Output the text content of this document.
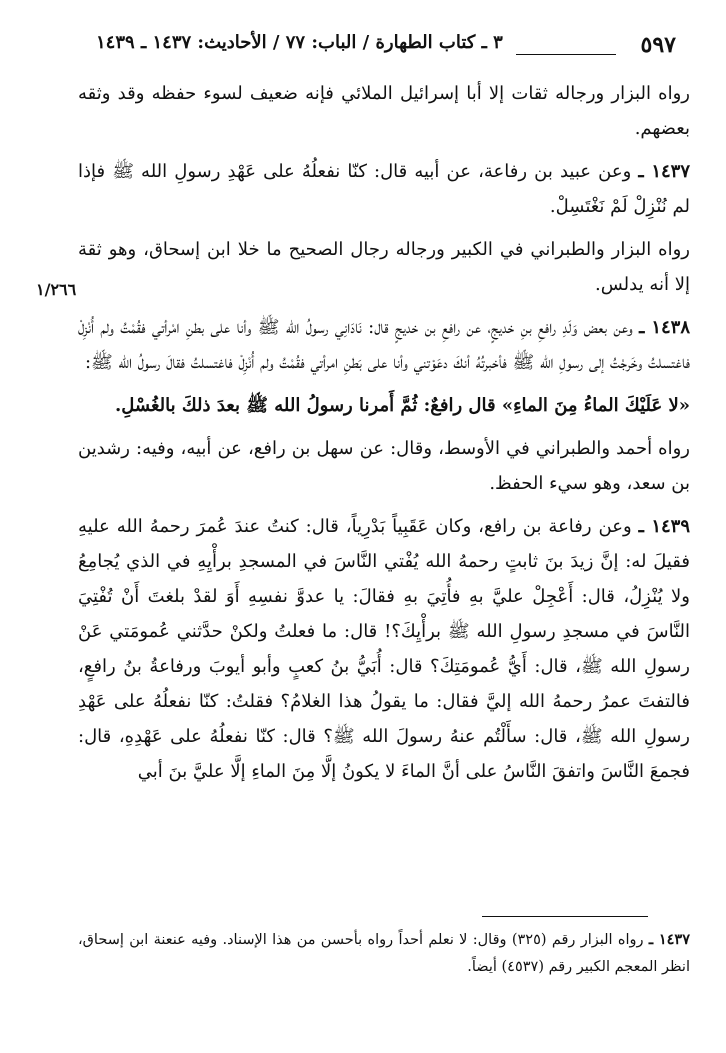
٥٩٧
٣ ـ كتاب الطهارة / الباب: ٧٧ / الأحاديث: ١٤٣٧ ـ ١٤٣٩
١/٢٦٦

رواه البزار ورجاله ثقات إلا أبا إسرائيل الملائي فإنه ضعيف لسوء حفظه وقد وثقه بعضهم.

١٤٣٧ ـ وعن عبيد بن رفاعة، عن أبيه قال: كنّا نفعلُهُ على عَهْدِ رسولِ الله ﷺ فإذا لم نُنْزِلْ لَمْ نَغْتَسِلْ.

رواه البزار والطبراني في الكبير ورجاله رجال الصحيح ما خلا ابن إسحاق، وهو ثقة إلا أنه يدلس.

١٤٣٨ ـ وعن بعض وَلَدِ رافعِ بنِ خديجٍ، عن رافعِ بن خديجٍ قال: نَادَانِي رسولُ الله ﷺ وأنا على بطنِ امْرأتي فقُمْتُ ولم أُنْزِلْ فاغتسلتُ وخَرجْتُ إلى رسولِ الله ﷺ فأخبرتُهُ أنكَ دعَوْتني وأنا على بَطنِ امرأتي فقُمْتُ ولم أُنْزِلْ فاغتسلتُ فقالَ رسولُ الله ﷺ:

«لا عَلَيْكَ الماءُ مِنَ الماءِ» قال رافعٌ: ثُمَّ أَمرنا رسولُ الله ﷺ بعدَ ذلكَ بالغُسْلِ.

رواه أحمد والطبراني في الأوسط، وقال: عن سهل بن رافع، عن أبيه، وفيه: رشدين بن سعد، وهو سيء الحفظ.

١٤٣٩ ـ وعن رفاعة بن رافع، وكان عَقَبِياً بَدْرِياً، قال: كنتُ عندَ عُمرَ رحمهُ الله عليهِ فقيلَ له: إنَّ زيدَ بنَ ثابتٍ رحمهُ الله يُفْتي النَّاسَ في المسجدِ برأْيِهِ في الذي يُجامِعُ ولا يُنْزِلُ، قال: أَعْجِلْ عليَّ بهِ فأُتِيَ بهِ فقالَ: يا عدوَّ نفسِهِ أَوَ لقدْ بلغتَ أَنْ تُفْتِيَ النَّاسَ في مسجدِ رسولِ الله ﷺ برأْيِكَ؟! قال: ما فعلتُ ولكنْ حدَّثني عُمومَتي عَنْ رسولِ الله ﷺ، قال: أَيُّ عُمومَتِكَ؟ قال: أُبَيُّ بنُ كعبٍ وأبو أيوبَ ورفاعةُ بنُ رافعٍ، فالتفتَ عمرُ رحمهُ الله إليَّ فقال: ما يقولُ هذا الغلامُ؟ فقلتُ: كنّا نفعلُهُ على عَهْدِ رسولِ الله ﷺ، قال: سأَلْتُم عنهُ رسولَ الله ﷺ؟ قال: كنّا نفعلُهُ على عَهْدِهِ، قال: فجمعَ النَّاسَ واتفقَ النَّاسُ على أنَّ الماءَ لا يكونُ إلَّا مِنَ الماءِ إلَّا عليَّ بنَ أبي

١٤٣٧ ـ رواه البزار رقم (٣٢٥) وقال: لا نعلم أحداً رواه بأحسن من هذا الإسناد. وفيه عنعنة ابن إسحاق، انظر المعجم الكبير رقم (٤٥٣٧) أيضاً.
